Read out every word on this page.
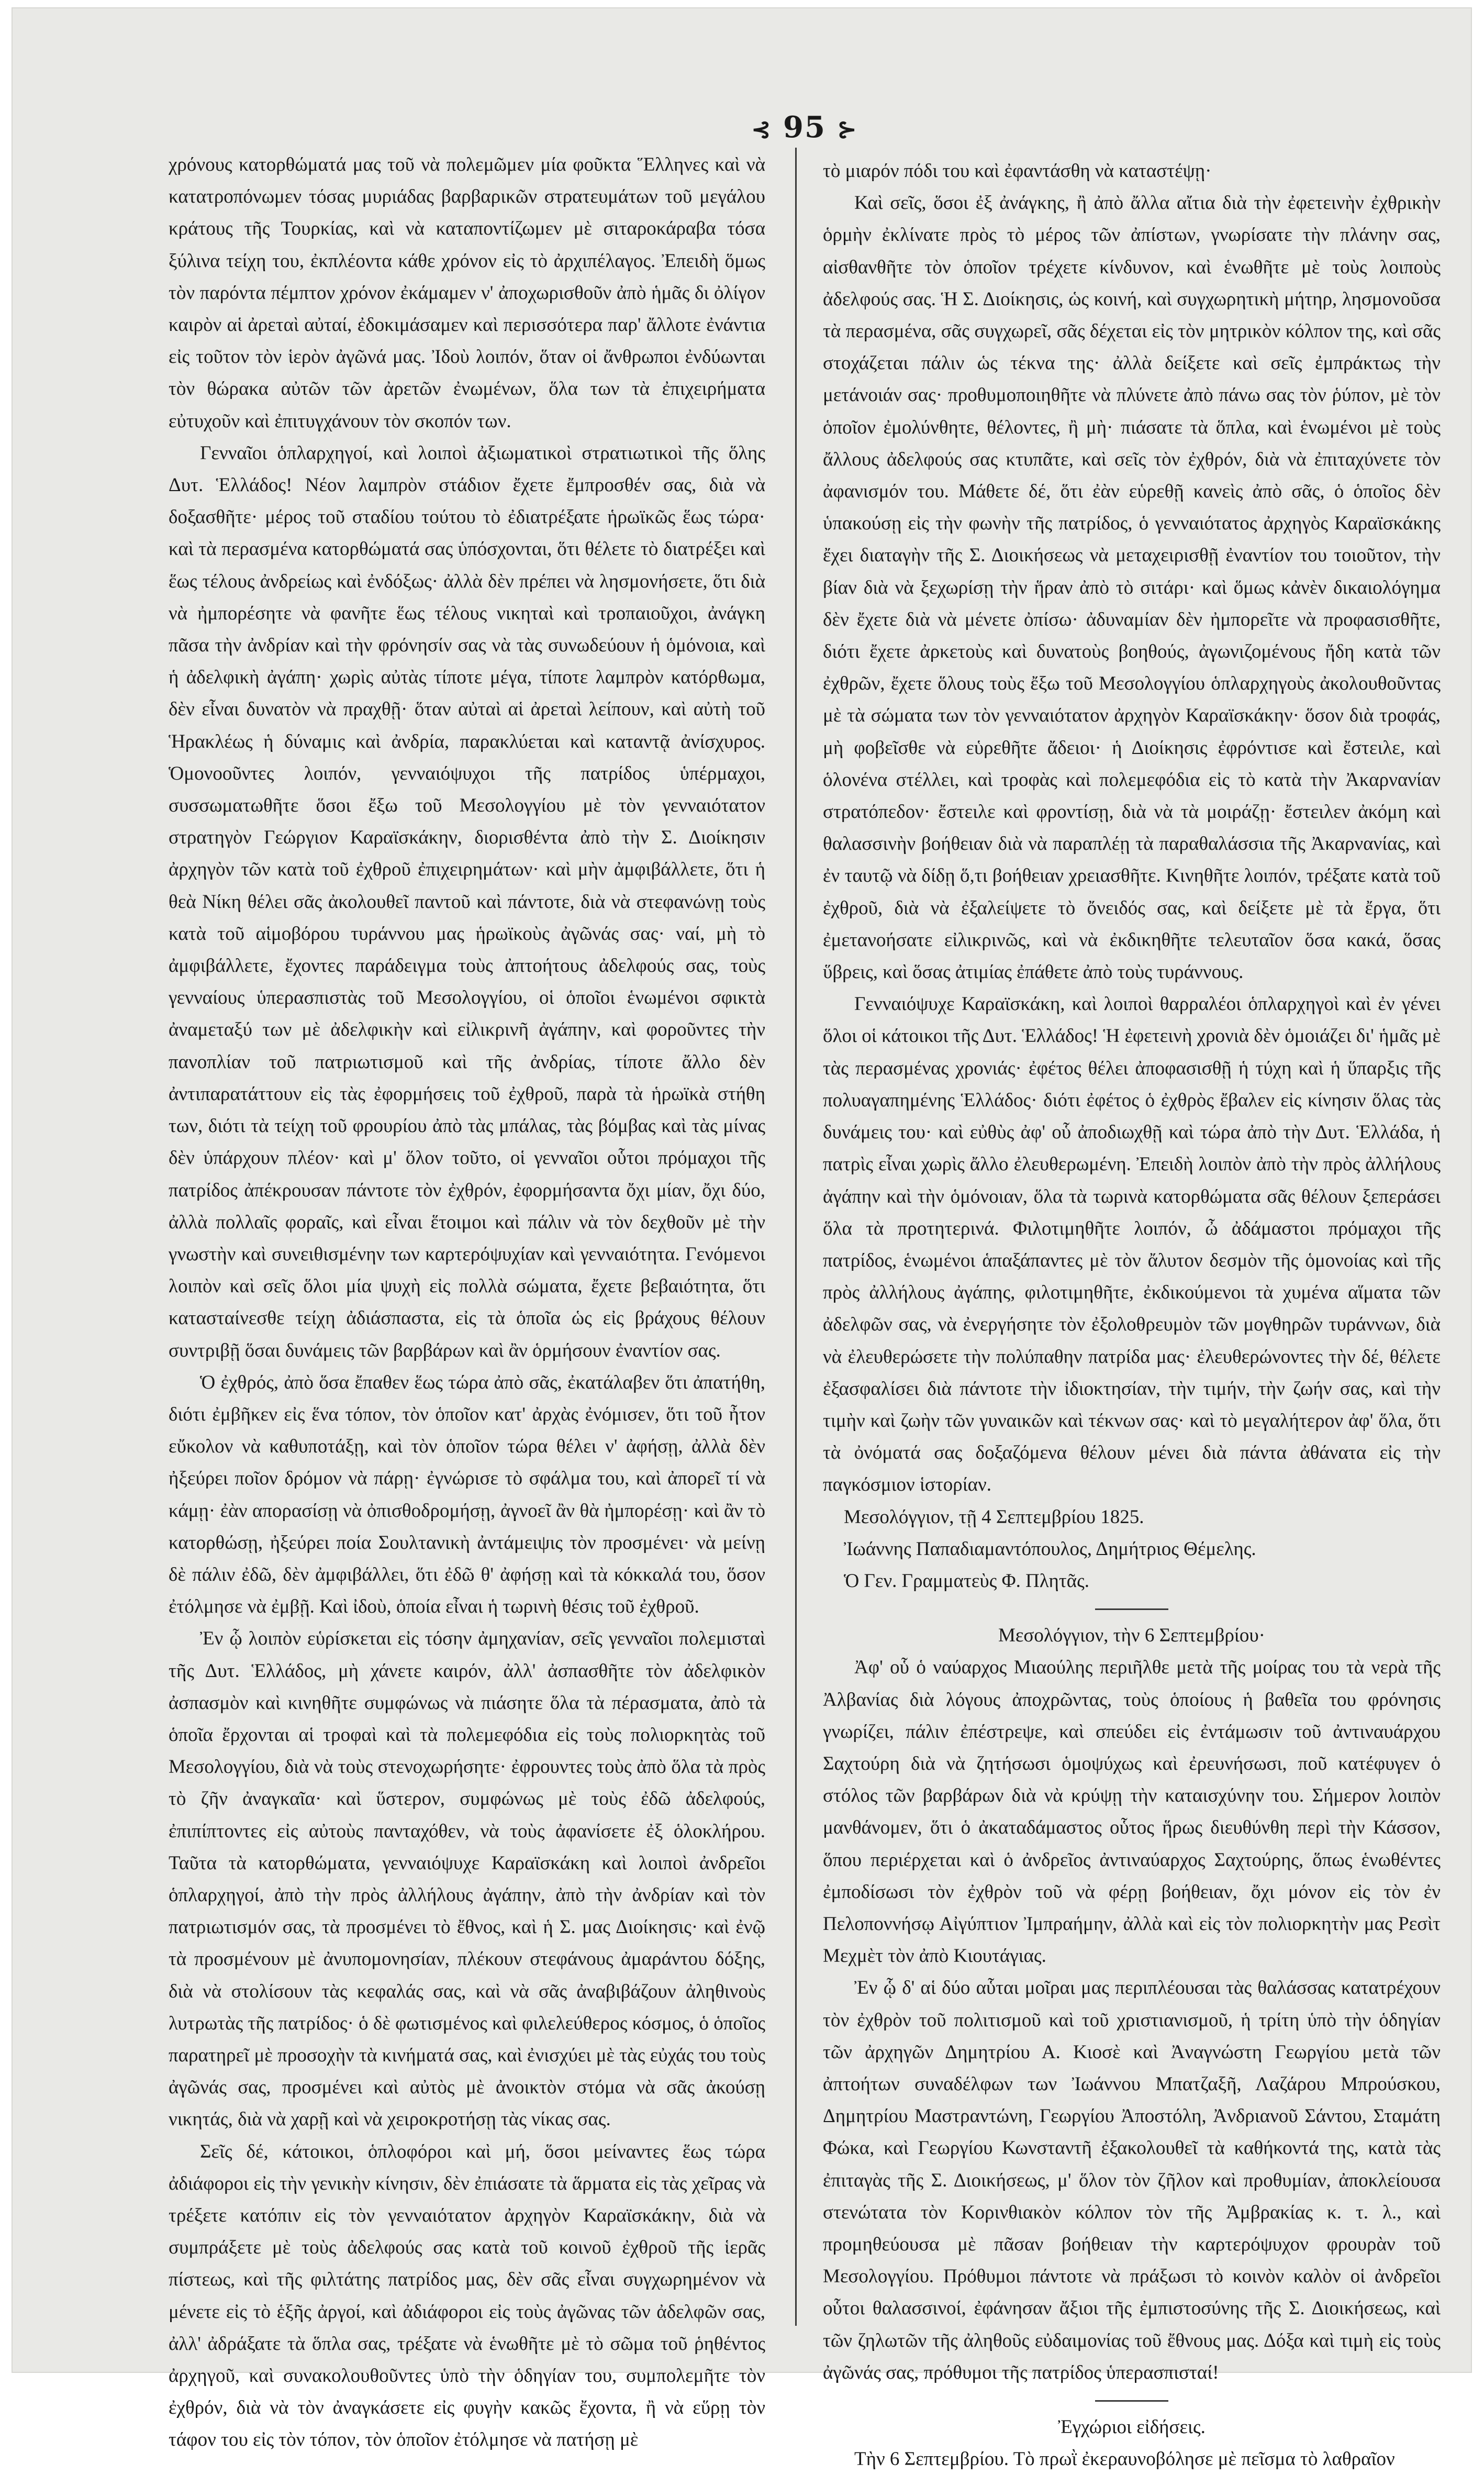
⊰ 95 ⊱

χρόνους κατορθώματά μας τοῦ νὰ πολεμῶμεν μία φοῦκτα Ἕλληνες καὶ νὰ κατατροπόνωμεν τόσας μυριάδας βαρβαρικῶν στρατευμάτων τοῦ μεγάλου κράτους τῆς Τουρκίας, καὶ νὰ καταποντίζωμεν μὲ σιταροκάραβα τόσα ξύλινα τείχη του, ἐκπλέοντα κάθε χρόνον εἰς τὸ ἀρχιπέλαγος. Ἐπειδὴ ὅμως τὸν παρόντα πέμπτον χρόνον ἐκάμαμεν ν' ἀποχωρισθοῦν ἀπὸ ἡμᾶς δι ὀλίγον καιρὸν αἱ ἀρεταὶ αὐταί, ἐδοκιμάσαμεν καὶ περισσότερα παρ' ἄλλοτε ἐνάντια εἰς τοῦτον τὸν ἱερὸν ἀγῶνά μας. Ἰδοὺ λοιπόν, ὅταν οἱ ἄνθρωποι ἐνδύωνται τὸν θώρακα αὐτῶν τῶν ἀρετῶν ἐνωμένων, ὅλα των τὰ ἐπιχειρήματα εὐτυχοῦν καὶ ἐπιτυγχάνουν τὸν σκοπόν των.

Γενναῖοι ὁπλαρχηγοί, καὶ λοιποὶ ἀξιωματικοὶ στρατιωτικοὶ τῆς ὅλης Δυτ. Ἑλλάδος! Νέον λαμπρὸν στάδιον ἔχετε ἔμπροσθέν σας, διὰ νὰ δοξασθῆτε· μέρος τοῦ σταδίου τούτου τὸ ἐδιατρέξατε ἡρωϊκῶς ἕως τώρα· καὶ τὰ περασμένα κατορθώματά σας ὑπόσχονται, ὅτι θέλετε τὸ διατρέξει καὶ ἕως τέλους ἀνδρείως καὶ ἐνδόξως· ἀλλὰ δὲν πρέπει νὰ λησμονήσετε, ὅτι διὰ νὰ ἠμπορέσητε νὰ φανῆτε ἕως τέλους νικηταὶ καὶ τροπαιοῦχοι, ἀνάγκη πᾶσα τὴν ἀνδρίαν καὶ τὴν φρόνησίν σας νὰ τὰς συνωδεύουν ἡ ὁμόνοια, καὶ ἡ ἀδελφικὴ ἀγάπη· χωρὶς αὐτὰς τίποτε μέγα, τίποτε λαμπρὸν κατόρθωμα, δὲν εἶναι δυνατὸν νὰ πραχθῇ· ὅταν αὐταὶ αἱ ἀρεταὶ λείπουν, καὶ αὐτὴ τοῦ Ἡρακλέως ἡ δύναμις καὶ ἀνδρία, παρακλύεται καὶ καταντᾷ ἀνίσχυρος. Ὁμονοοῦντες λοιπόν, γενναιόψυχοι τῆς πατρίδος ὑπέρμαχοι, συσσωματωθῆτε ὅσοι ἔξω τοῦ Μεσολογγίου μὲ τὸν γενναιότατον στρατηγὸν Γεώργιον Καραϊσκάκην, διορισθέντα ἀπὸ τὴν Σ. Διοίκησιν ἀρχηγὸν τῶν κατὰ τοῦ ἐχθροῦ ἐπιχειρημάτων· καὶ μὴν ἀμφιβάλλετε, ὅτι ἡ θεὰ Νίκη θέλει σᾶς ἀκολουθεῖ παντοῦ καὶ πάντοτε, διὰ νὰ στεφανώνῃ τοὺς κατὰ τοῦ αἱμοβόρου τυράννου μας ἡρωϊκοὺς ἀγῶνάς σας· ναί, μὴ τὸ ἀμφιβάλλετε, ἔχοντες παράδειγμα τοὺς ἀπτοήτους ἀδελφούς σας, τοὺς γενναίους ὑπερασπιστὰς τοῦ Μεσολογγίου, οἱ ὁποῖοι ἑνωμένοι σφικτὰ ἀναμεταξύ των μὲ ἀδελφικὴν καὶ εἰλικρινῆ ἀγάπην, καὶ φοροῦντες τὴν πανοπλίαν τοῦ πατριωτισμοῦ καὶ τῆς ἀνδρίας, τίποτε ἄλλο δὲν ἀντιπαρατάττουν εἰς τὰς ἐφορμήσεις τοῦ ἐχθροῦ, παρὰ τὰ ἡρωϊκὰ στήθη των, διότι τὰ τείχη τοῦ φρουρίου ἀπὸ τὰς μπάλας, τὰς βόμβας καὶ τὰς μίνας δὲν ὑπάρχουν πλέον· καὶ μ' ὅλον τοῦτο, οἱ γενναῖοι οὗτοι πρόμαχοι τῆς πατρίδος ἀπέκρουσαν πάντοτε τὸν ἐχθρόν, ἐφορμήσαντα ὄχι μίαν, ὄχι δύο, ἀλλὰ πολλαῖς φοραῖς, καὶ εἶναι ἕτοιμοι καὶ πάλιν νὰ τὸν δεχθοῦν μὲ τὴν γνωστὴν καὶ συνειθισμένην των καρτερόψυχίαν καὶ γενναιότητα. Γενόμενοι λοιπὸν καὶ σεῖς ὅλοι μία ψυχὴ εἰς πολλὰ σώματα, ἔχετε βεβαιότητα, ὅτι κατασταίνεσθε τείχη ἀδιάσπαστα, εἰς τὰ ὁποῖα ὡς εἰς βράχους θέλουν συντριβῇ ὅσαι δυνάμεις τῶν βαρβάρων καὶ ἂν ὁρμήσουν ἐναντίον σας.

Ὁ ἐχθρός, ἀπὸ ὅσα ἔπαθεν ἕως τώρα ἀπὸ σᾶς, ἐκατάλαβεν ὅτι ἀπατήθη, διότι ἐμβῆκεν εἰς ἕνα τόπον, τὸν ὁποῖον κατ' ἀρχὰς ἐνόμισεν, ὅτι τοῦ ἦτον εὔκολον νὰ καθυποτάξῃ, καὶ τὸν ὁποῖον τώρα θέλει ν' ἀφήσῃ, ἀλλὰ δὲν ἠξεύρει ποῖον δρόμον νὰ πάρῃ· ἐγνώρισε τὸ σφάλμα του, καὶ ἀπορεῖ τί νὰ κάμῃ· ἐὰν απορασίσῃ νὰ ὀπισθοδρομήσῃ, ἀγνοεῖ ἂν θὰ ἠμπορέσῃ· καὶ ἂν τὸ κατορθώσῃ, ἠξεύρει ποία Σουλτανικὴ ἀντάμειψις τὸν προσμένει· νὰ μείνῃ δὲ πάλιν ἐδῶ, δὲν ἀμφιβάλλει, ὅτι ἐδῶ θ' ἀφήσῃ καὶ τὰ κόκκαλά του, ὅσον ἐτόλμησε νὰ ἐμβῇ. Καὶ ἰδοὺ, ὁποία εἶναι ἡ τωρινὴ θέσις τοῦ ἐχθροῦ.

Ἐν ᾧ λοιπὸν εὑρίσκεται εἰς τόσην ἀμηχανίαν, σεῖς γενναῖοι πολεμισταὶ τῆς Δυτ. Ἑλλάδος, μὴ χάνετε καιρόν, ἀλλ' ἀσπασθῆτε τὸν ἀδελφικὸν ἀσπασμὸν καὶ κινηθῆτε συμφώνως νὰ πιάσητε ὅλα τὰ πέρασματα, ἀπὸ τὰ ὁποῖα ἔρχονται αἱ τροφαὶ καὶ τὰ πολεμεφόδια εἰς τοὺς πολιορκητὰς τοῦ Μεσολογγίου, διὰ νὰ τοὺς στενοχωρήσητε· ἐφρουντες τοὺς ἀπὸ ὅλα τὰ πρὸς τὸ ζῆν ἀναγκαῖα· καὶ ὕστερον, συμφώνως μὲ τοὺς ἐδῶ ἀδελφούς, ἐπιπίπτοντες εἰς αὐτοὺς πανταχόθεν, νὰ τοὺς ἀφανίσετε ἐξ ὁλοκλήρου. Ταῦτα τὰ κατορθώματα, γενναιόψυχε Καραϊσκάκη καὶ λοιποὶ ἀνδρεῖοι ὁπλαρχηγοί, ἀπὸ τὴν πρὸς ἀλλήλους ἀγάπην, ἀπὸ τὴν ἀνδρίαν καὶ τὸν πατριωτισμόν σας, τὰ προσμένει τὸ ἔθνος, καὶ ἡ Σ. μας Διοίκησις· καὶ ἐνῷ τὰ προσμένουν μὲ ἀνυπομονησίαν, πλέκουν στεφάνους ἀμαράντου δόξης, διὰ νὰ στολίσουν τὰς κεφαλάς σας, καὶ νὰ σᾶς ἀναβιβάζουν ἀληθινοὺς λυτρωτὰς τῆς πατρίδος· ὁ δὲ φωτισμένος καὶ φιλελεύθερος κόσμος, ὁ ὁποῖος παρατηρεῖ μὲ προσοχὴν τὰ κινήματά σας, καὶ ἐνισχύει μὲ τὰς εὐχάς του τοὺς ἀγῶνάς σας, προσμένει καὶ αὐτὸς μὲ ἀνοικτὸν στόμα νὰ σᾶς ἀκούσῃ νικητάς, διὰ νὰ χαρῇ καὶ νὰ χειροκροτήσῃ τὰς νίκας σας.

Σεῖς δέ, κάτοικοι, ὁπλοφόροι καὶ μή, ὅσοι μείναντες ἕως τώρα ἀδιάφοροι εἰς τὴν γενικὴν κίνησιν, δὲν ἐπιάσατε τὰ ἅρματα εἰς τὰς χεῖρας νὰ τρέξετε κατόπιν εἰς τὸν γενναιότατον ἀρχηγὸν Καραϊσκάκην, διὰ νὰ συμπράξετε μὲ τοὺς ἀδελφούς σας κατὰ τοῦ κοινοῦ ἐχθροῦ τῆς ἱερᾶς πίστεως, καὶ τῆς φιλτάτης πατρίδος μας, δὲν σᾶς εἶναι συγχωρημένον νὰ μένετε εἰς τὸ ἑξῆς ἀργοί, καὶ ἀδιάφοροι εἰς τοὺς ἀγῶνας τῶν ἀδελφῶν σας, ἀλλ' ἀδράξατε τὰ ὅπλα σας, τρέξατε νὰ ἑνωθῆτε μὲ τὸ σῶμα τοῦ ῥηθέντος ἀρχηγοῦ, καὶ συνακολουθοῦντες ὑπὸ τὴν ὁδηγίαν του, συμπολεμῆτε τὸν ἐχθρόν, διὰ νὰ τὸν ἀναγκάσετε εἰς φυγὴν κακῶς ἔχοντα, ἢ νὰ εὕρῃ τὸν τάφον του εἰς τὸν τόπον, τὸν ὁποῖον ἐτόλμησε νὰ πατήσῃ μὲ

τὸ μιαρόν πόδι του καὶ ἐφαντάσθη νὰ καταστέψῃ·

Καὶ σεῖς, ὅσοι ἐξ ἀνάγκης, ἢ ἀπὸ ἄλλα αἴτια διὰ τὴν ἐφετεινὴν ἐχθρικὴν ὁρμὴν ἐκλίνατε πρὸς τὸ μέρος τῶν ἀπίστων, γνωρίσατε τὴν πλάνην σας, αἰσθανθῆτε τὸν ὁποῖον τρέχετε κίνδυνον, καὶ ἑνωθῆτε μὲ τοὺς λοιποὺς ἀδελφούς σας. Ἡ Σ. Διοίκησις, ὡς κοινή, καὶ συγχωρητικὴ μήτηρ, λησμονοῦσα τὰ περασμένα, σᾶς συγχωρεῖ, σᾶς δέχεται εἰς τὸν μητρικὸν κόλπον της, καὶ σᾶς στοχάζεται πάλιν ὡς τέκνα της· ἀλλὰ δείξετε καὶ σεῖς ἐμπράκτως τὴν μετάνοιάν σας· προθυμοποιηθῆτε νὰ πλύνετε ἀπὸ πάνω σας τὸν ῥύπον, μὲ τὸν ὁποῖον ἐμολύνθητε, θέλοντες, ἢ μὴ· πιάσατε τὰ ὅπλα, καὶ ἑνωμένοι μὲ τοὺς ἄλλους ἀδελφούς σας κτυπᾶτε, καὶ σεῖς τὸν ἐχθρόν, διὰ νὰ ἐπιταχύνετε τὸν ἀφανισμόν του. Μάθετε δέ, ὅτι ἐὰν εὑρεθῇ κανεὶς ἀπὸ σᾶς, ὁ ὁποῖος δὲν ὑπακούσῃ εἰς τὴν φωνὴν τῆς πατρίδος, ὁ γενναιότατος ἀρχηγὸς Καραϊσκάκης ἔχει διαταγὴν τῆς Σ. Διοικήσεως νὰ μεταχειρισθῇ ἐναντίον του τοιοῦτον, τὴν βίαν διὰ νὰ ξεχωρίσῃ τὴν ἥραν ἀπὸ τὸ σιτάρι· καὶ ὅμως κἀνὲν δικαιολόγημα δὲν ἔχετε διὰ νὰ μένετε ὀπίσω· ἀδυναμίαν δὲν ἠμπορεῖτε νὰ προφασισθῆτε, διότι ἔχετε ἀρκετοὺς καὶ δυνατοὺς βοηθούς, ἀγωνιζομένους ἤδη κατὰ τῶν ἐχθρῶν, ἔχετε ὅλους τοὺς ἔξω τοῦ Μεσολογγίου ὁπλαρχηγοὺς ἀκολουθοῦντας μὲ τὰ σώματα των τὸν γενναιότατον ἀρχηγὸν Καραϊσκάκην· ὅσον διὰ τροφάς, μὴ φοβεῖσθε νὰ εὑρεθῆτε ἄδειοι· ἡ Διοίκησις ἐφρόντισε καὶ ἔστειλε, καὶ ὁλονένα στέλλει, καὶ τροφὰς καὶ πολεμεφόδια εἰς τὸ κατὰ τὴν Ἀκαρνανίαν στρατόπεδον· ἔστειλε καὶ φροντίσῃ, διὰ νὰ τὰ μοιράζῃ· ἔστειλεν ἀκόμη καὶ θαλασσινὴν βοήθειαν διὰ νὰ παραπλέῃ τὰ παραθαλάσσια τῆς Ἀκαρνανίας, καὶ ἐν ταυτῷ νὰ δίδῃ ὅ,τι βοήθειαν χρειασθῆτε. Κινηθῆτε λοιπόν, τρέξατε κατὰ τοῦ ἐχθροῦ, διὰ νὰ ἐξαλείψετε τὸ ὄνειδός σας, καὶ δείξετε μὲ τὰ ἔργα, ὅτι ἐμετανοήσατε εἰλικρινῶς, καὶ νὰ ἐκδικηθῆτε τελευταῖον ὅσα κακά, ὅσας ὕβρεις, καὶ ὅσας ἀτιμίας ἐπάθετε ἀπὸ τοὺς τυράννους.

Γενναιόψυχε Καραϊσκάκη, καὶ λοιποὶ θαρραλέοι ὁπλαρχηγοὶ καὶ ἐν γένει ὅλοι οἱ κάτοικοι τῆς Δυτ. Ἑλλάδος! Ἡ ἐφετεινὴ χρονιὰ δὲν ὁμοιάζει δι' ἡμᾶς μὲ τὰς περασμένας χρονιάς· ἐφέτος θέλει ἀποφασισθῇ ἡ τύχη καὶ ἡ ὕπαρξις τῆς πολυαγαπημένης Ἑλλάδος· διότι ἐφέτος ὁ ἐχθρὸς ἔβαλεν εἰς κίνησιν ὅλας τὰς δυνάμεις του· καὶ εὐθὺς ἀφ' οὗ ἀποδιωχθῇ καὶ τώρα ἀπὸ τὴν Δυτ. Ἑλλάδα, ἡ πατρὶς εἶναι χωρὶς ἄλλο ἐλευθερωμένη. Ἐπειδὴ λοιπὸν ἀπὸ τὴν πρὸς ἀλλήλους ἀγάπην καὶ τὴν ὁμόνοιαν, ὅλα τὰ τωρινὰ κατορθώματα σᾶς θέλουν ξεπεράσει ὅλα τὰ προτητερινά. Φιλοτιμηθῆτε λοιπόν, ὦ ἀδάμαστοι πρόμαχοι τῆς πατρίδος, ἑνωμένοι ἁπαξάπαντες μὲ τὸν ἄλυτον δεσμὸν τῆς ὁμονοίας καὶ τῆς πρὸς ἀλλήλους ἀγάπης, φιλοτιμηθῆτε, ἐκδικούμενοι τὰ χυμένα αἵματα τῶν ἀδελφῶν σας, νὰ ἐνεργήσητε τὸν ἐξολοθρευμὸν τῶν μογθηρῶν τυράννων, διὰ νὰ ἐλευθερώσετε τὴν πολύπαθην πατρίδα μας· ἐλευθερώνοντες τὴν δέ, θέλετε ἐξασφαλίσει διὰ πάντοτε τὴν ἰδιοκτησίαν, τὴν τιμήν, τὴν ζωήν σας, καὶ τὴν τιμὴν καὶ ζωὴν τῶν γυναικῶν καὶ τέκνων σας· καὶ τὸ μεγαλήτερον ἀφ' ὅλα, ὅτι τὰ ὀνόματά σας δοξαζόμενα θέλουν μένει διὰ πάντα ἀθάνατα εἰς τὴν παγκόσμιον ἱστορίαν.

Μεσολόγγιον, τῇ 4 Σεπτεμβρίου 1825.

Ἰωάννης Παπαδιαμαντόπουλος, Δημήτριος Θέμελης.

Ὁ Γεν. Γραμματεὺς Φ. Πλητᾶς.

Μεσολόγγιον, τὴν 6 Σεπτεμβρίου·

Ἀφ' οὗ ὁ ναύαρχος Μιαούλης περιῆλθε μετὰ τῆς μοίρας του τὰ νερὰ τῆς Ἀλβανίας διὰ λόγους ἀποχρῶντας, τοὺς ὁποίους ἡ βαθεῖα του φρόνησις γνωρίζει, πάλιν ἐπέστρεψε, καὶ σπεύδει εἰς ἐντάμωσιν τοῦ ἀντιναυάρχου Σαχτούρη διὰ νὰ ζητήσωσι ὁμοψύχως καὶ ἐρευνήσωσι, ποῦ κατέφυγεν ὁ στόλος τῶν βαρβάρων διὰ νὰ κρύψῃ τὴν καταισχύνην του. Σήμερον λοιπὸν μανθάνομεν, ὅτι ὁ ἀκαταδάμαστος οὗτος ἥρως διευθύνθη περὶ τὴν Κάσσον, ὅπου περιέρχεται καὶ ὁ ἀνδρεῖος ἀντιναύαρχος Σαχτούρης, ὅπως ἑνωθέντες ἐμποδίσωσι τὸν ἐχθρὸν τοῦ νὰ φέρῃ βοήθειαν, ὄχι μόνον εἰς τὸν ἐν Πελοποννήσῳ Αἰγύπτιον Ἰμπραήμην, ἀλλὰ καὶ εἰς τὸν πολιορκητὴν μας Ρεσὶτ Μεχμὲτ τὸν ἀπὸ Κιουτάγιας.

Ἐν ᾧ δ' αἱ δύο αὗται μοῖραι μας περιπλέουσαι τὰς θαλάσσας κατατρέχουν τὸν ἐχθρὸν τοῦ πολιτισμοῦ καὶ τοῦ χριστιανισμοῦ, ἡ τρίτη ὑπὸ τὴν ὁδηγίαν τῶν ἀρχηγῶν Δημητρίου Α. Κιοσὲ καὶ Ἀναγνώστη Γεωργίου μετὰ τῶν ἀπτοήτων συναδέλφων των Ἰωάννου Μπατζαξῆ, Λαζάρου Μπρούσκου, Δημητρίου Μαστραντώνη, Γεωργίου Ἀποστόλη, Ἀνδριανοῦ Σάντου, Σταμάτη Φώκα, καὶ Γεωργίου Κωνσταντῆ ἐξακολουθεῖ τὰ καθήκοντά της, κατὰ τὰς ἐπιταγὰς τῆς Σ. Διοικήσεως, μ' ὅλον τὸν ζῆλον καὶ προθυμίαν, ἀποκλείουσα στενώτατα τὸν Κορινθιακὸν κόλπον τὸν τῆς Ἀμβρακίας κ. τ. λ., καὶ προμηθεύουσα μὲ πᾶσαν βοήθειαν τὴν καρτερόψυχον φρουρὰν τοῦ Μεσολογγίου. Πρόθυμοι πάντοτε νὰ πράξωσι τὸ κοινὸν καλὸν οἱ ἀνδρεῖοι οὗτοι θαλασσινοί, ἐφάνησαν ἄξιοι τῆς ἐμπιστοσύνης τῆς Σ. Διοικήσεως, καὶ τῶν ζηλωτῶν τῆς ἀληθοῦς εὐδαιμονίας τοῦ ἔθνους μας. Δόξα καὶ τιμὴ εἰς τοὺς ἀγῶνάς σας, πρόθυμοι τῆς πατρίδος ὑπερασπισταί!

Ἐγχώριοι εἰδήσεις.

Τὴν 6 Σεπτεμβρίου. Τὸ πρωῒ ἐκεραυνοβόλησε μὲ πεῖσμα τὸ λαθραῖον
